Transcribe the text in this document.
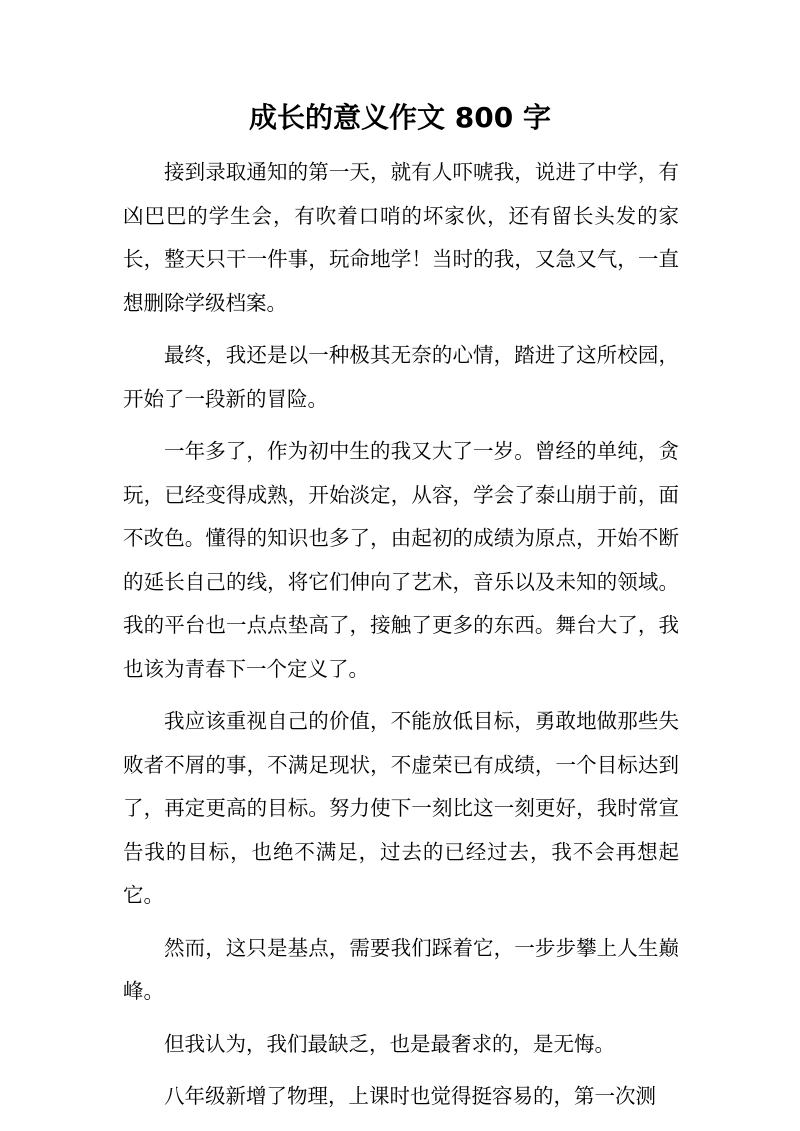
成长的意义作文 800 字

接到录取通知的第一天，就有人吓唬我，说进了中学，有凶巴巴的学生会，有吹着口哨的坏家伙，还有留长头发的家长，整天只干一件事，玩命地学！当时的我，又急又气，一直想删除学级档案。

最终，我还是以一种极其无奈的心情，踏进了这所校园，开始了一段新的冒险。

一年多了，作为初中生的我又大了一岁。曾经的单纯，贪玩，已经变得成熟，开始淡定，从容，学会了泰山崩于前，面不改色。懂得的知识也多了，由起初的成绩为原点，开始不断的延长自己的线，将它们伸向了艺术，音乐以及未知的领域。我的平台也一点点垫高了，接触了更多的东西。舞台大了，我也该为青春下一个定义了。

我应该重视自己的价值，不能放低目标，勇敢地做那些失败者不屑的事，不满足现状，不虚荣已有成绩，一个目标达到了，再定更高的目标。努力使下一刻比这一刻更好，我时常宣告我的目标，也绝不满足，过去的已经过去，我不会再想起它。

然而，这只是基点，需要我们踩着它，一步步攀上人生巅峰。

但我认为，我们最缺乏，也是最奢求的，是无悔。

八年级新增了物理，上课时也觉得挺容易的，第一次测
